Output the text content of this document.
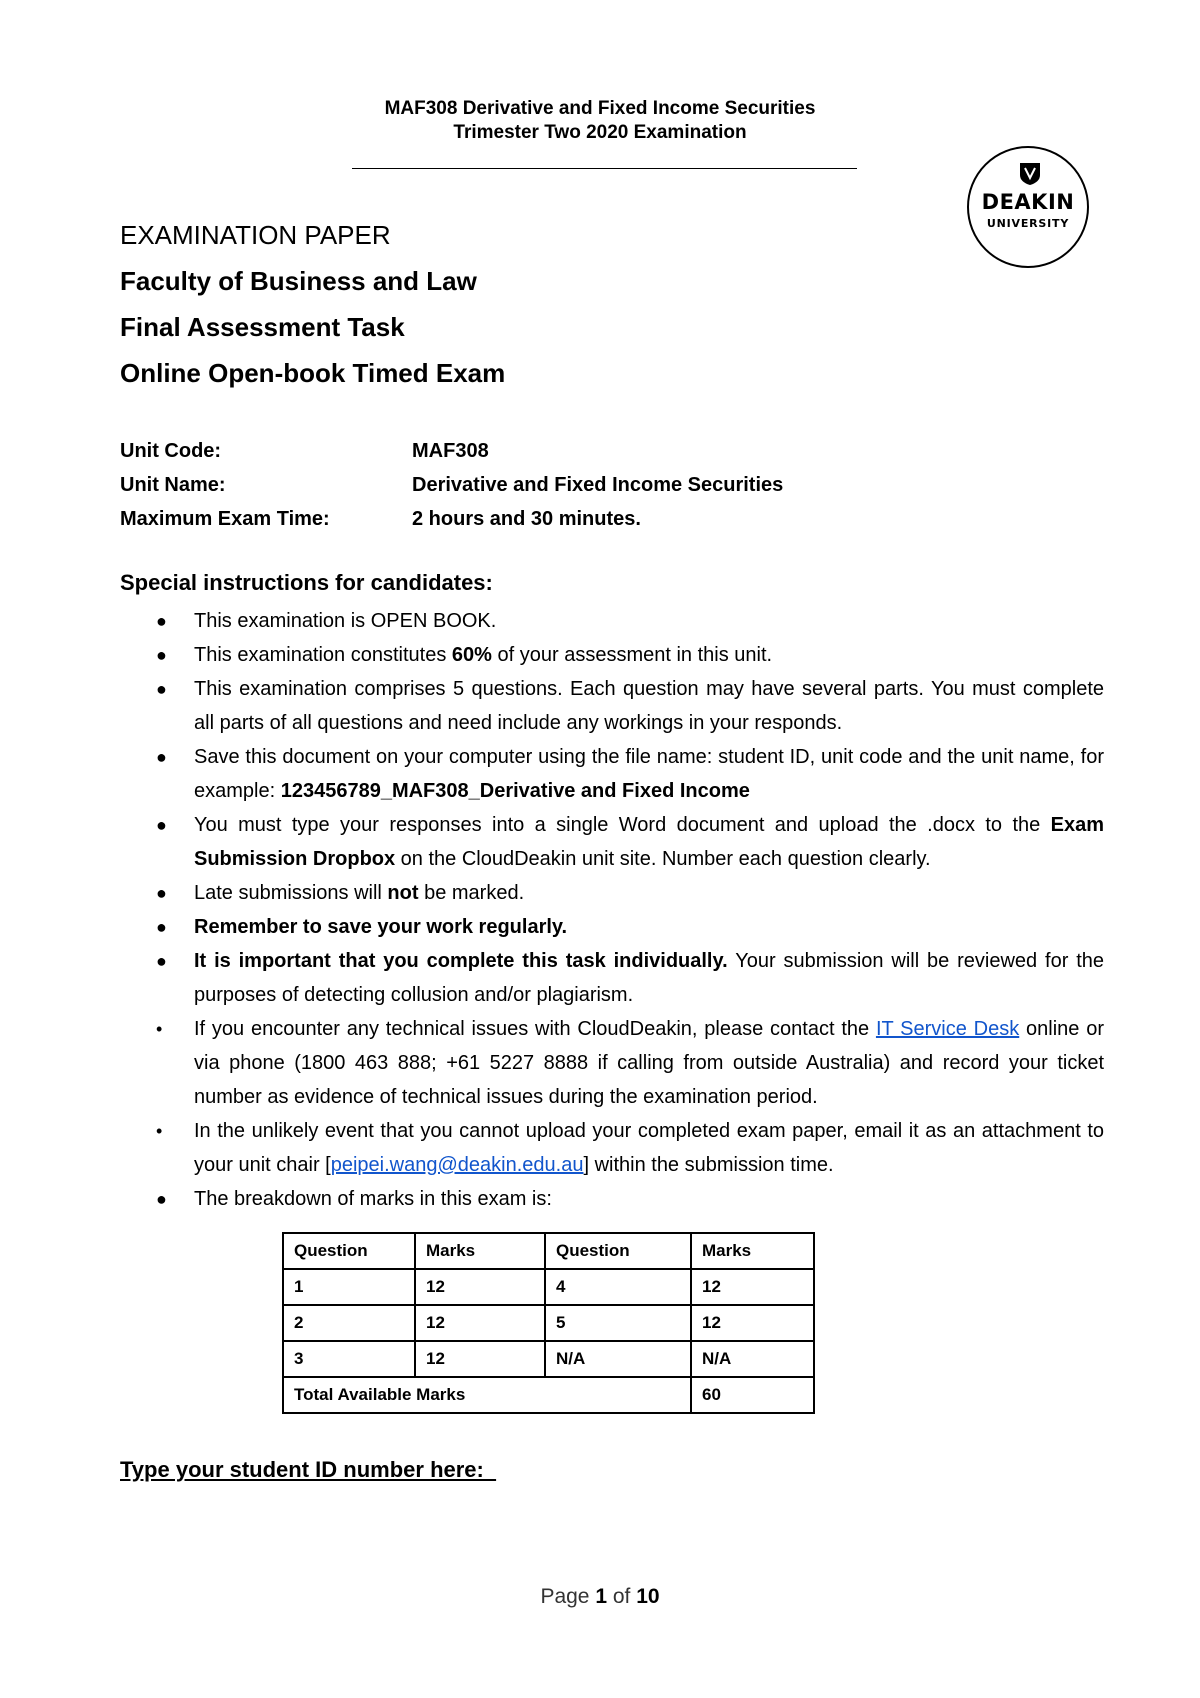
MAF308 Derivative and Fixed Income Securities
Trimester Two 2020 Examination
DEAKIN
UNIVERSITY
EXAMINATION PAPER
Faculty of Business and Law
Final Assessment Task
Online Open-book Timed Exam
Unit Code:	MAF308
Unit Name:	Derivative and Fixed Income Securities
Maximum Exam Time:	2 hours and 30 minutes.
Special instructions for candidates:
● This examination is OPEN BOOK.
● This examination constitutes 60% of your assessment in this unit.
● This examination comprises 5 questions. Each question may have several parts. You must complete all parts of all questions and need include any workings in your responds.
● Save this document on your computer using the file name: student ID, unit code and the unit name, for example: 123456789_MAF308_Derivative and Fixed Income
● You must type your responses into a single Word document and upload the .docx to the Exam Submission Dropbox on the CloudDeakin unit site. Number each question clearly.
● Late submissions will not be marked.
● Remember to save your work regularly.
● It is important that you complete this task individually. Your submission will be reviewed for the purposes of detecting collusion and/or plagiarism.
• If you encounter any technical issues with CloudDeakin, please contact the IT Service Desk online or via phone (1800 463 888; +61 5227 8888 if calling from outside Australia) and record your ticket number as evidence of technical issues during the examination period.
• In the unlikely event that you cannot upload your completed exam paper, email it as an attachment to your unit chair [peipei.wang@deakin.edu.au] within the submission time.
● The breakdown of marks in this exam is:
Question	Marks	Question	Marks
1	12	4	12
2	12	5	12
3	12	N/A	N/A
Total Available Marks			60
Type your student ID number here:
Page 1 of 10
